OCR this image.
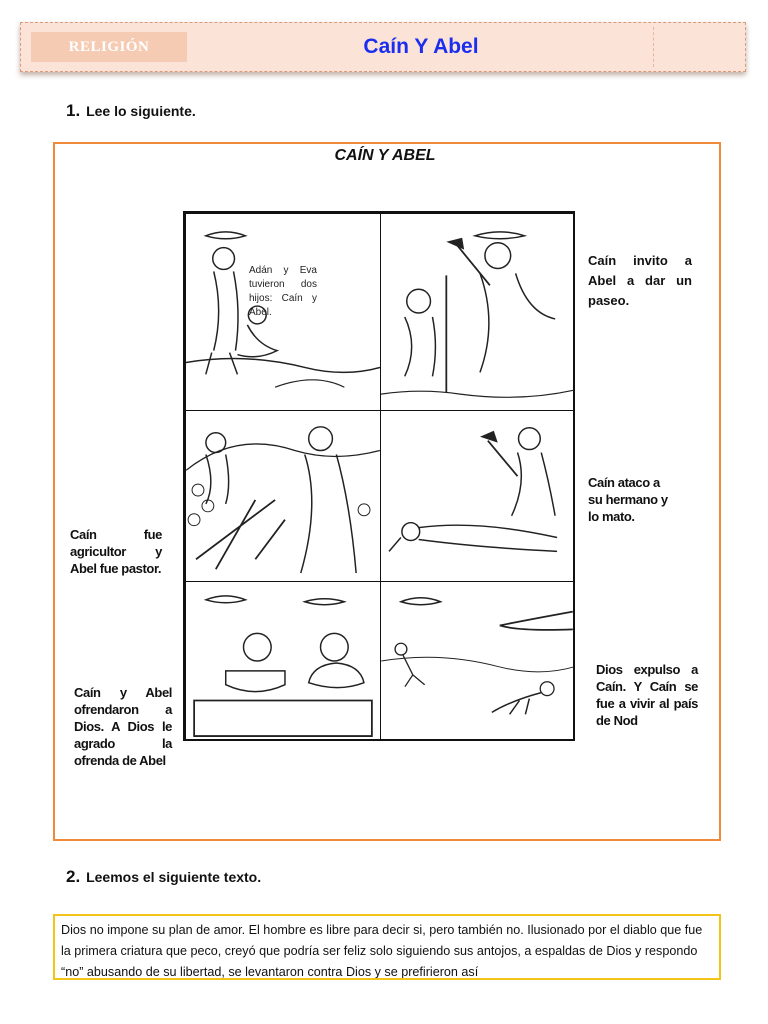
RELIGIÓN	Caín Y Abel
1. Lee lo siguiente.
CAÍN Y ABEL
Adán y Eva tuvieron dos hijos: Caín y Abel.
Caín invito a Abel a dar un paseo.
Caín fue agricultor y Abel fue pastor.
Caín ataco a su hermano y lo mato.
Caín y Abel ofrendaron a Dios. A Dios le agrado la ofrenda de Abel
Dios expulso a Caín. Y Caín se fue a vivir al país de Nod
2. Leemos el siguiente texto.
Dios no impone su plan de amor. El hombre es libre para decir si, pero también no. Ilusionado por el diablo que fue la primera criatura que peco, creyó que podría ser feliz solo siguiendo sus antojos, a espaldas de Dios y respondo “no” abusando de su libertad, se levantaron contra Dios y se prefirieron así
